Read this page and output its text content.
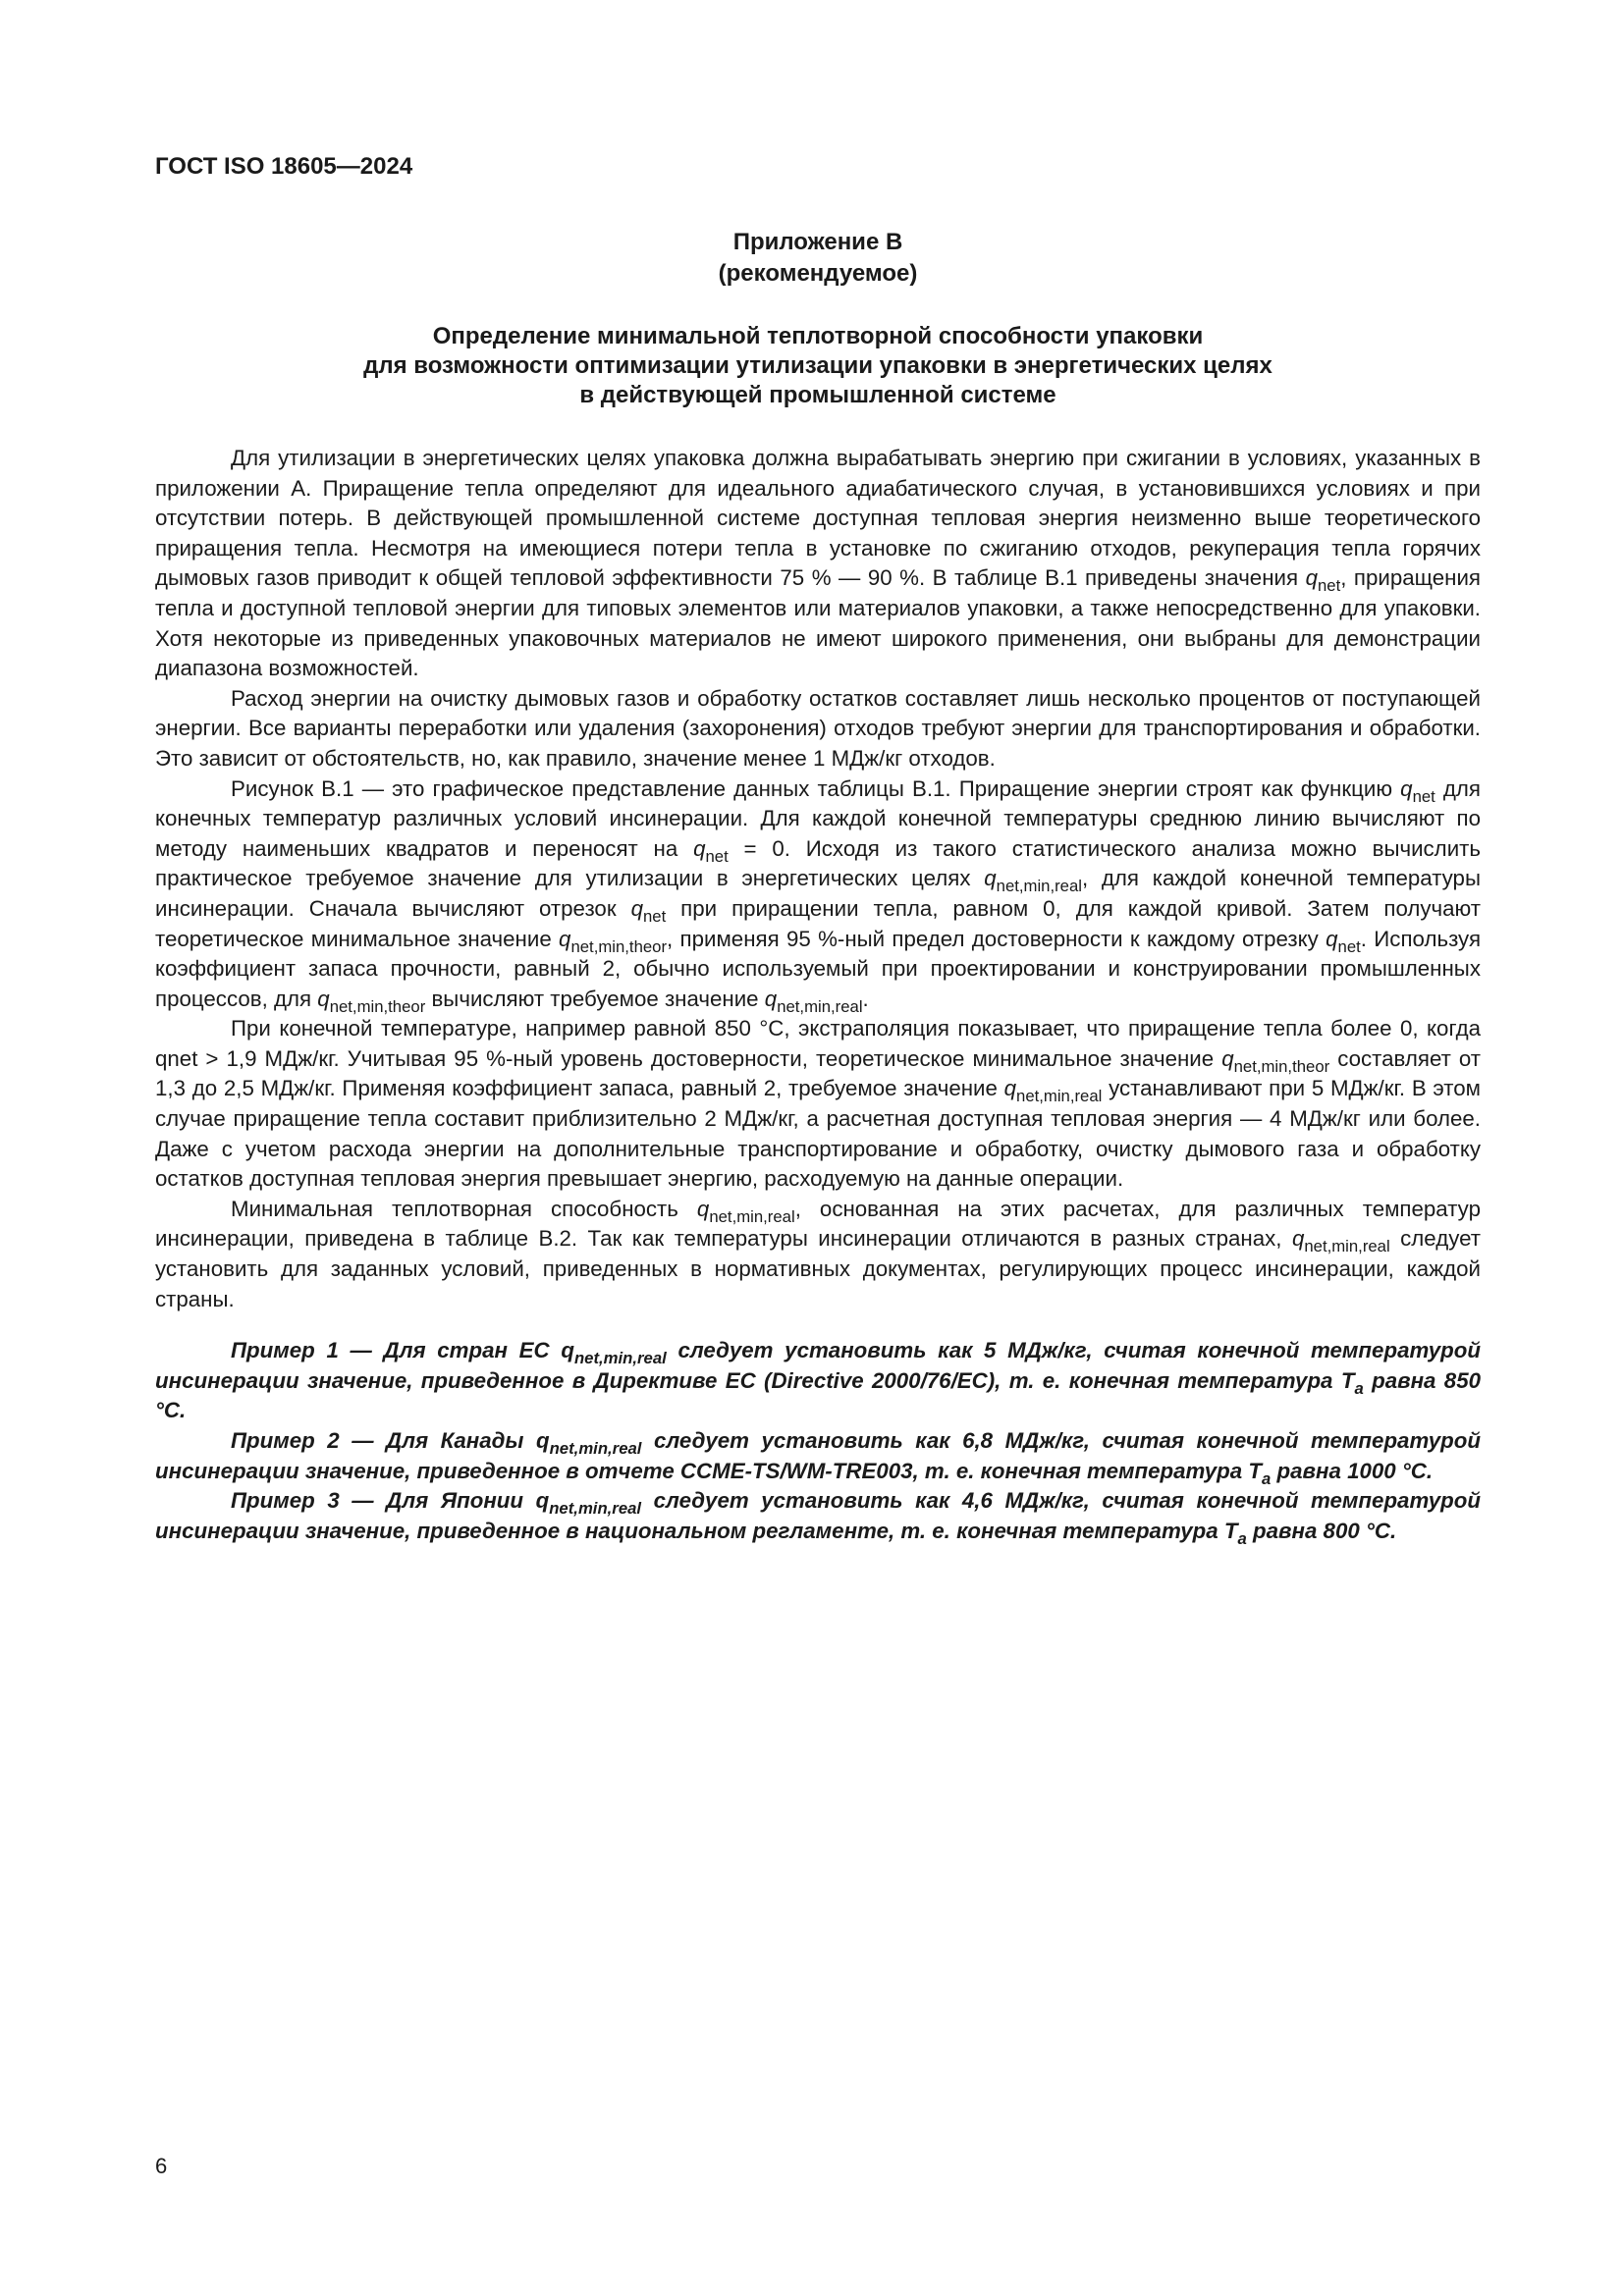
ГОСТ ISO 18605—2024
Приложение В
(рекомендуемое)
Определение минимальной теплотворной способности упаковки
для возможности оптимизации утилизации упаковки в энергетических целях
в действующей промышленной системе

Для утилизации в энергетических целях упаковка должна вырабатывать энергию при сжигании в условиях, указанных в приложении А. Приращение тепла определяют для идеального адиабатического случая, в установившихся условиях и при отсутствии потерь. В действующей промышленной системе доступная тепловая энергия неизменно выше теоретического приращения тепла. Несмотря на имеющиеся потери тепла в установке по сжиганию отходов, рекуперация тепла горячих дымовых газов приводит к общей тепловой эффективности 75 % — 90 %. В таблице В.1 приведены значения $q_{net}$, приращения тепла и доступной тепловой энергии для типовых элементов или материалов упаковки, а также непосредственно для упаковки. Хотя некоторые из приведенных упаковочных материалов не имеют широкого применения, они выбраны для демонстрации диапазона возможностей.

Расход энергии на очистку дымовых газов и обработку остатков составляет лишь несколько процентов от поступающей энергии. Все варианты переработки или удаления (захоронения) отходов требуют энергии для транспортирования и обработки. Это зависит от обстоятельств, но, как правило, значение менее 1 МДж/кг отходов.

Рисунок В.1 — это графическое представление данных таблицы В.1. Приращение энергии строят как функцию $q_{net}$ для конечных температур различных условий инсинерации. Для каждой конечной температуры среднюю линию вычисляют по методу наименьших квадратов и переносят на $q_{net} = 0$. Исходя из такого статистического анализа можно вычислить практическое требуемое значение для утилизации в энергетических целях $q_{net,min,real}$, для каждой конечной температуры инсинерации. Сначала вычисляют отрезок $q_{net}$ при приращении тепла, равном 0, для каждой кривой. Затем получают теоретическое минимальное значение $q_{net,min,theor}$, применяя 95 %-ный предел достоверности к каждому отрезку $q_{net}$. Используя коэффициент запаса прочности, равный 2, обычно используемый при проектировании и конструировании промышленных процессов, для $q_{net,min,theor}$ вычисляют требуемое значение $q_{net,min,real}$.

При конечной температуре, например равной 850 °С, экстраполяция показывает, что приращение тепла более 0, когда qnet > 1,9 МДж/кг. Учитывая 95 %-ный уровень достоверности, теоретическое минимальное значение $q_{net,min,theor}$ составляет от 1,3 до 2,5 МДж/кг. Применяя коэффициент запаса, равный 2, требуемое значение $q_{net,min,real}$ устанавливают при 5 МДж/кг. В этом случае приращение тепла составит приблизительно 2 МДж/кг, а расчетная доступная тепловая энергия — 4 МДж/кг или более. Даже с учетом расхода энергии на дополнительные транспортирование и обработку, очистку дымового газа и обработку остатков доступная тепловая энергия превышает энергию, расходуемую на данные операции.

Минимальная теплотворная способность $q_{net,min,real}$, основанная на этих расчетах, для различных температур инсинерации, приведена в таблице В.2. Так как температуры инсинерации отличаются в разных странах, $q_{net,min,real}$ следует установить для заданных условий, приведенных в нормативных документах, регулирующих процесс инсинерации, каждой страны.

Пример 1 — Для стран ЕС $q_{net,min,real}$ следует установить как 5 МДж/кг, считая конечной температурой инсинерации значение, приведенное в Директиве ЕС (Directive 2000/76/EC), т. е. конечная температура $T_a$ равна 850 °С.

Пример 2 — Для Канады $q_{net,min,real}$ следует установить как 6,8 МДж/кг, считая конечной температурой инсинерации значение, приведенное в отчете CCME-TS/WM-TRE003, т. е. конечная температура $T_a$ равна 1000 °С.

Пример 3 — Для Японии $q_{net,min,real}$ следует установить как 4,6 МДж/кг, считая конечной температурой инсинерации значение, приведенное в национальном регламенте, т. е. конечная температура $T_a$ равна 800 °С.

6
